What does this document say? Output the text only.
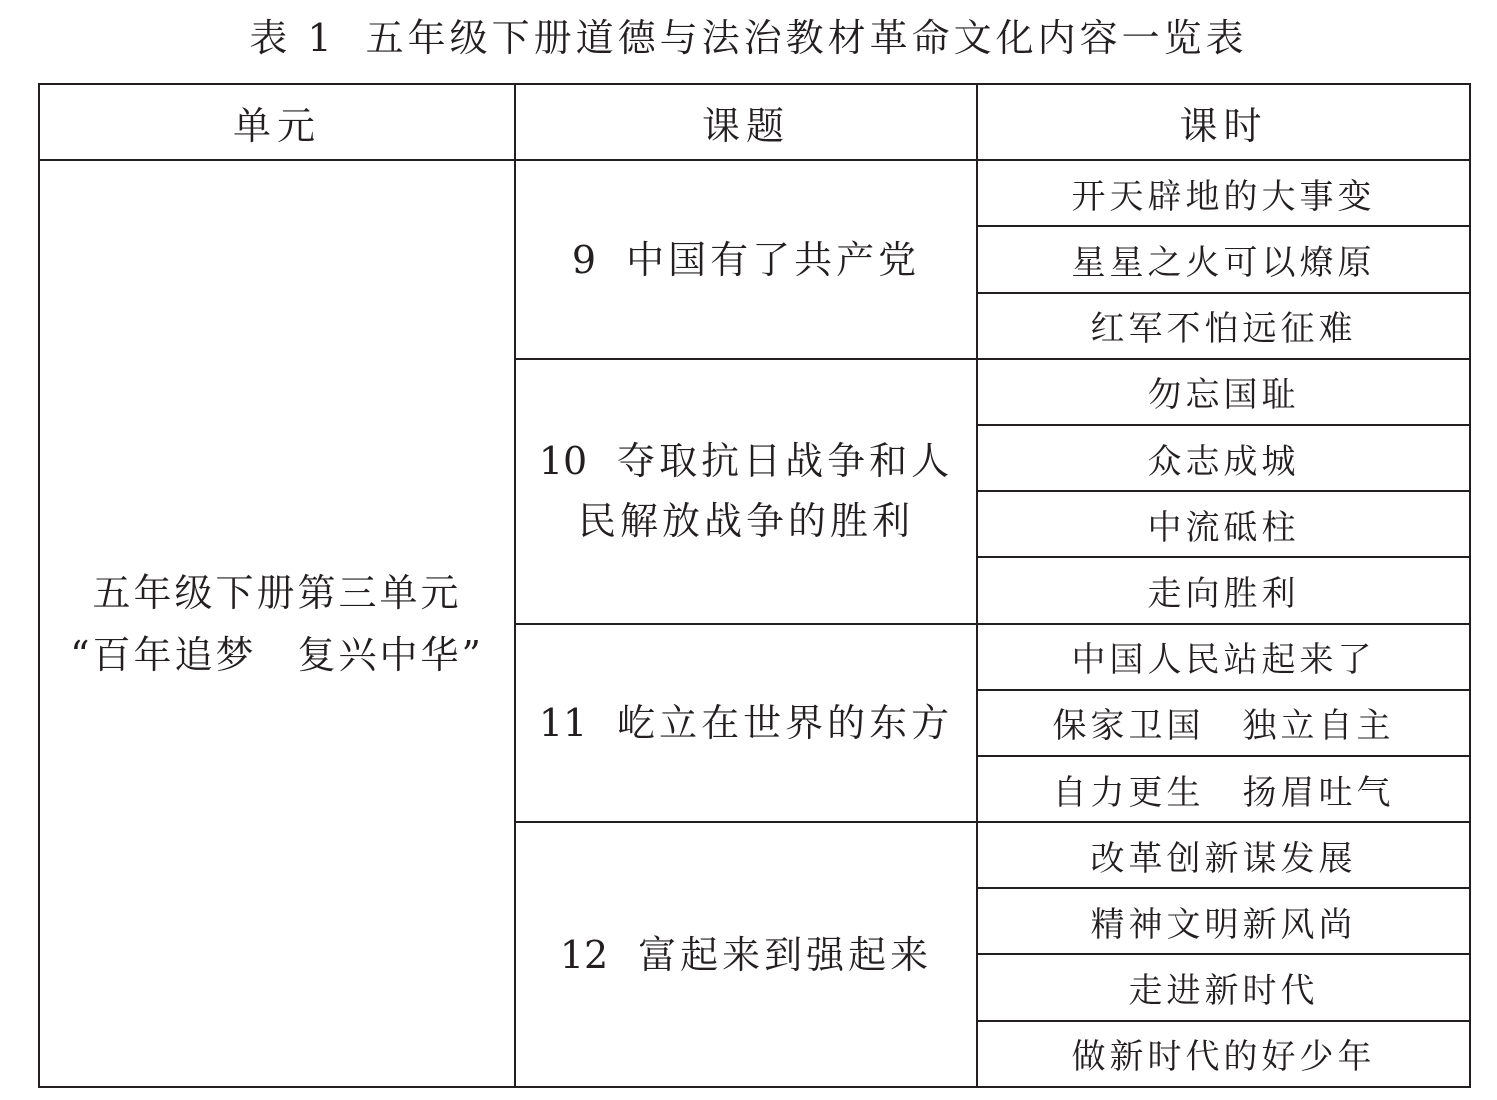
表 1 五年级下册道德与法治教材革命文化内容一览表
单元	课题	课时

五年级下册第三单元
“百年追梦　复兴中华”	9 中国有了共产党	开天辟地的大事变
		星星之火可以燎原
		红军不怕远征难

	10 夺取抗日战争和人
民解放战争的胜利	勿忘国耻
		众志成城
		中流砥柱
		走向胜利
	11 屹立在世界的东方	中国人民站起来了
		保家卫国　独立自主
		自力更生　扬眉吐气
	12 富起来到强起来	改革创新谋发展
		精神文明新风尚
		走进新时代
		做新时代的好少年
